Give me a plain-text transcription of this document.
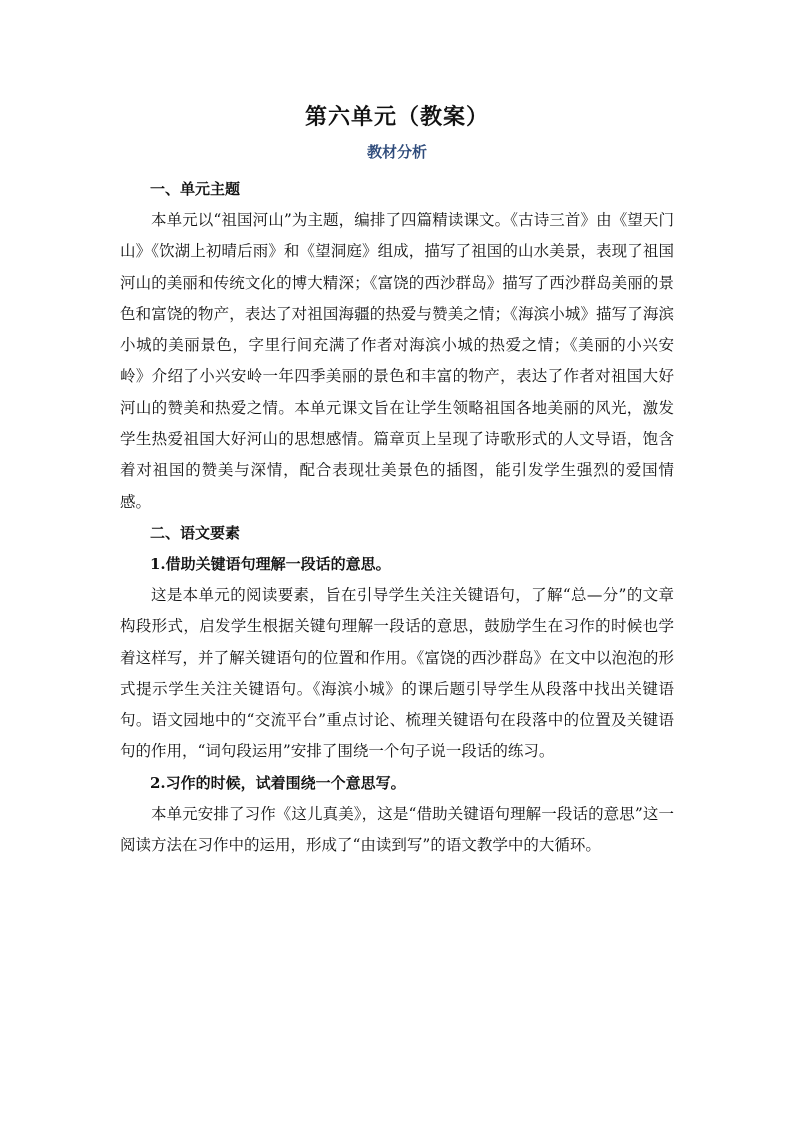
第六单元（教案）
教材分析
一、单元主题

本单元以“祖国河山”为主题，编排了四篇精读课文。《古诗三首》由《望天门山》《饮湖上初晴后雨》和《望洞庭》组成，描写了祖国的山水美景，表现了祖国河山的美丽和传统文化的博大精深；《富饶的西沙群岛》描写了西沙群岛美丽的景色和富饶的物产，表达了对祖国海疆的热爱与赞美之情；《海滨小城》描写了海滨小城的美丽景色，字里行间充满了作者对海滨小城的热爱之情；《美丽的小兴安岭》介绍了小兴安岭一年四季美丽的景色和丰富的物产，表达了作者对祖国大好河山的赞美和热爱之情。本单元课文旨在让学生领略祖国各地美丽的风光，激发学生热爱祖国大好河山的思想感情。篇章页上呈现了诗歌形式的人文导语，饱含着对祖国的赞美与深情，配合表现壮美景色的插图，能引发学生强烈的爱国情感。

二、语文要素
1.借助关键语句理解一段话的意思。

这是本单元的阅读要素，旨在引导学生关注关键语句，了解“总—分”的文章构段形式，启发学生根据关键句理解一段话的意思，鼓励学生在习作的时候也学着这样写，并了解关键语句的位置和作用。《富饶的西沙群岛》在文中以泡泡的形式提示学生关注关键语句。《海滨小城》的课后题引导学生从段落中找出关键语句。语文园地中的“交流平台”重点讨论、梳理关键语句在段落中的位置及关键语句的作用，“词句段运用”安排了围绕一个句子说一段话的练习。

2.习作的时候，试着围绕一个意思写。

本单元安排了习作《这儿真美》，这是“借助关键语句理解一段话的意思”这一阅读方法在习作中的运用，形成了“由读到写”的语文教学中的大循环。
